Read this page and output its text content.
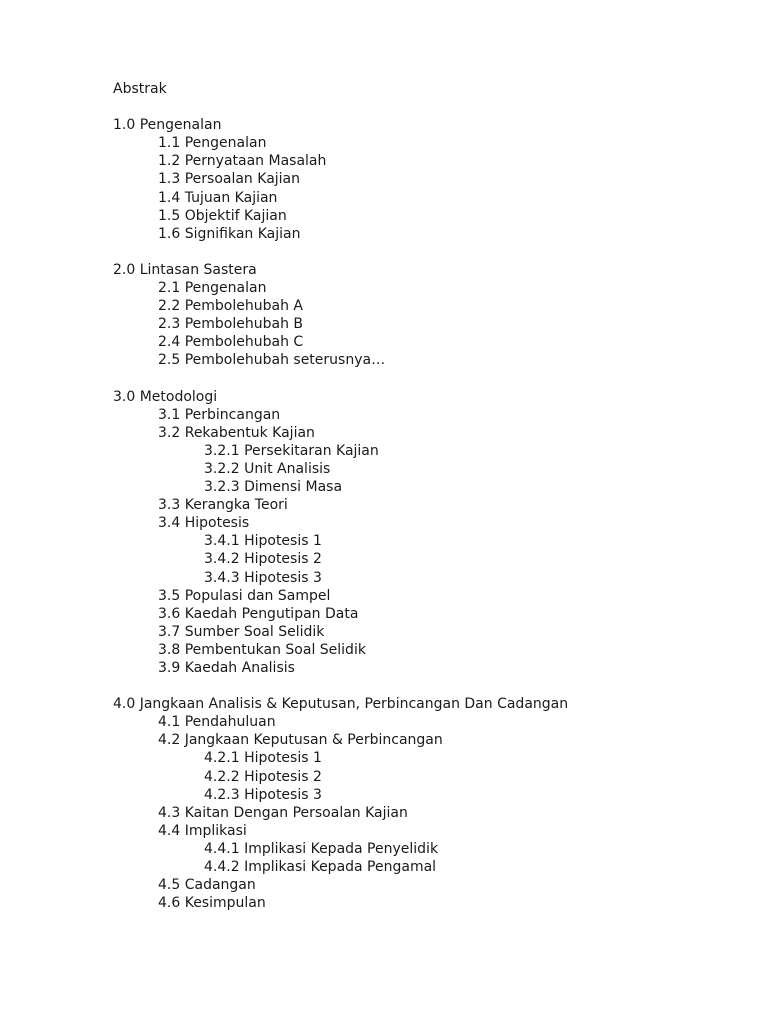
Abstrak
1.0 Pengenalan
1.1 Pengenalan
1.2 Pernyataan Masalah
1.3 Persoalan Kajian
1.4 Tujuan Kajian
1.5 Objektif Kajian
1.6 Signifikan Kajian
2.0 Lintasan Sastera
2.1 Pengenalan
2.2 Pembolehubah A
2.3 Pembolehubah B
2.4 Pembolehubah C
2.5 Pembolehubah seterusnya…
3.0 Metodologi
3.1 Perbincangan
3.2 Rekabentuk Kajian
3.2.1 Persekitaran Kajian
3.2.2 Unit Analisis
3.2.3 Dimensi Masa
3.3 Kerangka Teori
3.4 Hipotesis
3.4.1 Hipotesis 1
3.4.2 Hipotesis 2
3.4.3 Hipotesis 3
3.5 Populasi dan Sampel
3.6 Kaedah Pengutipan Data
3.7 Sumber Soal Selidik
3.8 Pembentukan Soal Selidik
3.9 Kaedah Analisis
4.0 Jangkaan Analisis & Keputusan, Perbincangan Dan Cadangan
4.1 Pendahuluan
4.2 Jangkaan Keputusan & Perbincangan
4.2.1 Hipotesis 1
4.2.2 Hipotesis 2
4.2.3 Hipotesis 3
4.3 Kaitan Dengan Persoalan Kajian
4.4 Implikasi
4.4.1 Implikasi Kepada Penyelidik
4.4.2 Implikasi Kepada Pengamal
4.5 Cadangan
4.6 Kesimpulan
